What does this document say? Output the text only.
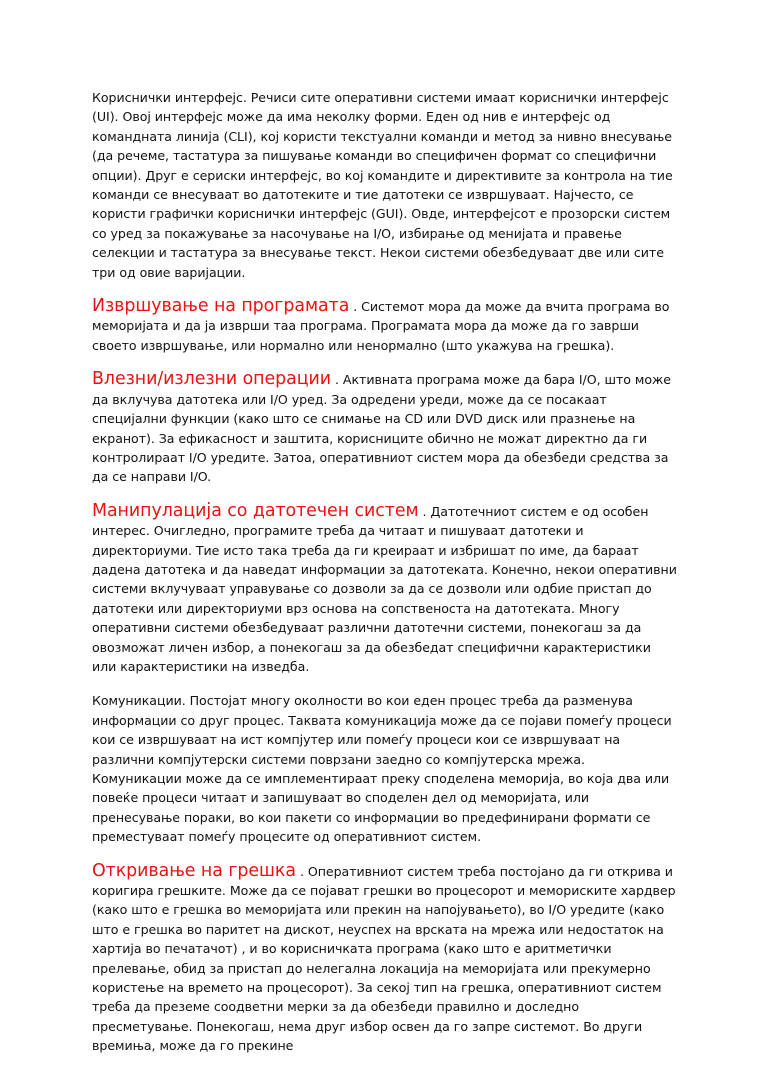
Кориснички интерфејс. Речиси сите оперативни системи имаат кориснички интерфејс (UI). Овој интерфејс може да има неколку форми. Еден од нив е интерфејс од командната линија (CLI), кој користи текстуални команди и метод за нивно внесување (да речеме, тастатура за пишување команди во специфичен формат со специфични опции). Друг е сериски интерфејс, во кој командите и директивите за контрола на тие команди се внесуваат во датотеките и тие датотеки се извршуваат. Најчесто, се користи графички кориснички интерфејс (GUI). Овде, интерфејсот е прозорски систем со уред за покажување за насочување на I/O, избирање од менијата и правење селекции и тастатура за внесување текст. Некои системи обезбедуваат две или сите три од овие варијации.

Извршување на програмата . Системот мора да може да вчита програма во меморијата и да ја изврши таа програма. Програмата мора да може да го заврши своето извршување, или нормално или ненормално (што укажува на грешка).

Влезни/излезни операции . Активната програма може да бара I/O, што може да вклучува датотека или I/O уред. За одредени уреди, може да се посакаат специјални функции (како што се снимање на CD или DVD диск или празнење на екранот). За ефикасност и заштита, корисниците обично не можат директно да ги контролираат I/O уредите. Затоа, оперативниот систем мора да обезбеди средства за да се направи I/O.

Манипулација со датотечен систем . Датотечниот систем е од особен интерес. Очигледно, програмите треба да читаат и пишуваат датотеки и директориуми. Тие исто така треба да ги креираат и избришат по име, да бараат дадена датотека и да наведат информации за датотеката. Конечно, некои оперативни системи вклучуваат управување со дозволи за да се дозволи или одбие пристап до датотеки или директориуми врз основа на сопственоста на датотеката. Многу оперативни системи обезбедуваат различни датотечни системи, понекогаш за да овозможат личен избор, а понекогаш за да обезбедат специфични карактеристики или карактеристики на изведба.

Комуникации. Постојат многу околности во кои еден процес треба да разменува информации со друг процес. Таквата комуникација може да се појави помеѓу процеси кои се извршуваат на ист компјутер или помеѓу процеси кои се извршуваат на различни компјутерски системи поврзани заедно со компјутерска мрежа. Комуникации може да се имплементираат преку споделена меморија, во која два или повеќе процеси читаат и запишуваат во споделен дел од меморијата, или пренесување пораки, во кои пакети со информации во предефинирани формати се преместуваат помеѓу процесите од оперативниот систем.

Откривање на грешка . Оперативниот систем треба постојано да ги открива и коригира грешките. Може да се појават грешки во процесорот и мемориските хардвер (како што е грешка во меморијата или прекин на напојувањето), во I/O уредите (како што е грешка во паритет на дискот, неуспех на врската на мрежа или недостаток на хартија во печатачот) , и во корисничката програма (како што е аритметички прелевање, обид за пристап до нелегална локација на меморијата или прекумерно користење на времето на процесорот). За секој тип на грешка, оперативниот систем треба да преземе соодветни мерки за да обезбеди правилно и доследно пресметување. Понекогаш, нема друг избор освен да го запре системот. Во други времиња, може да го прекине
